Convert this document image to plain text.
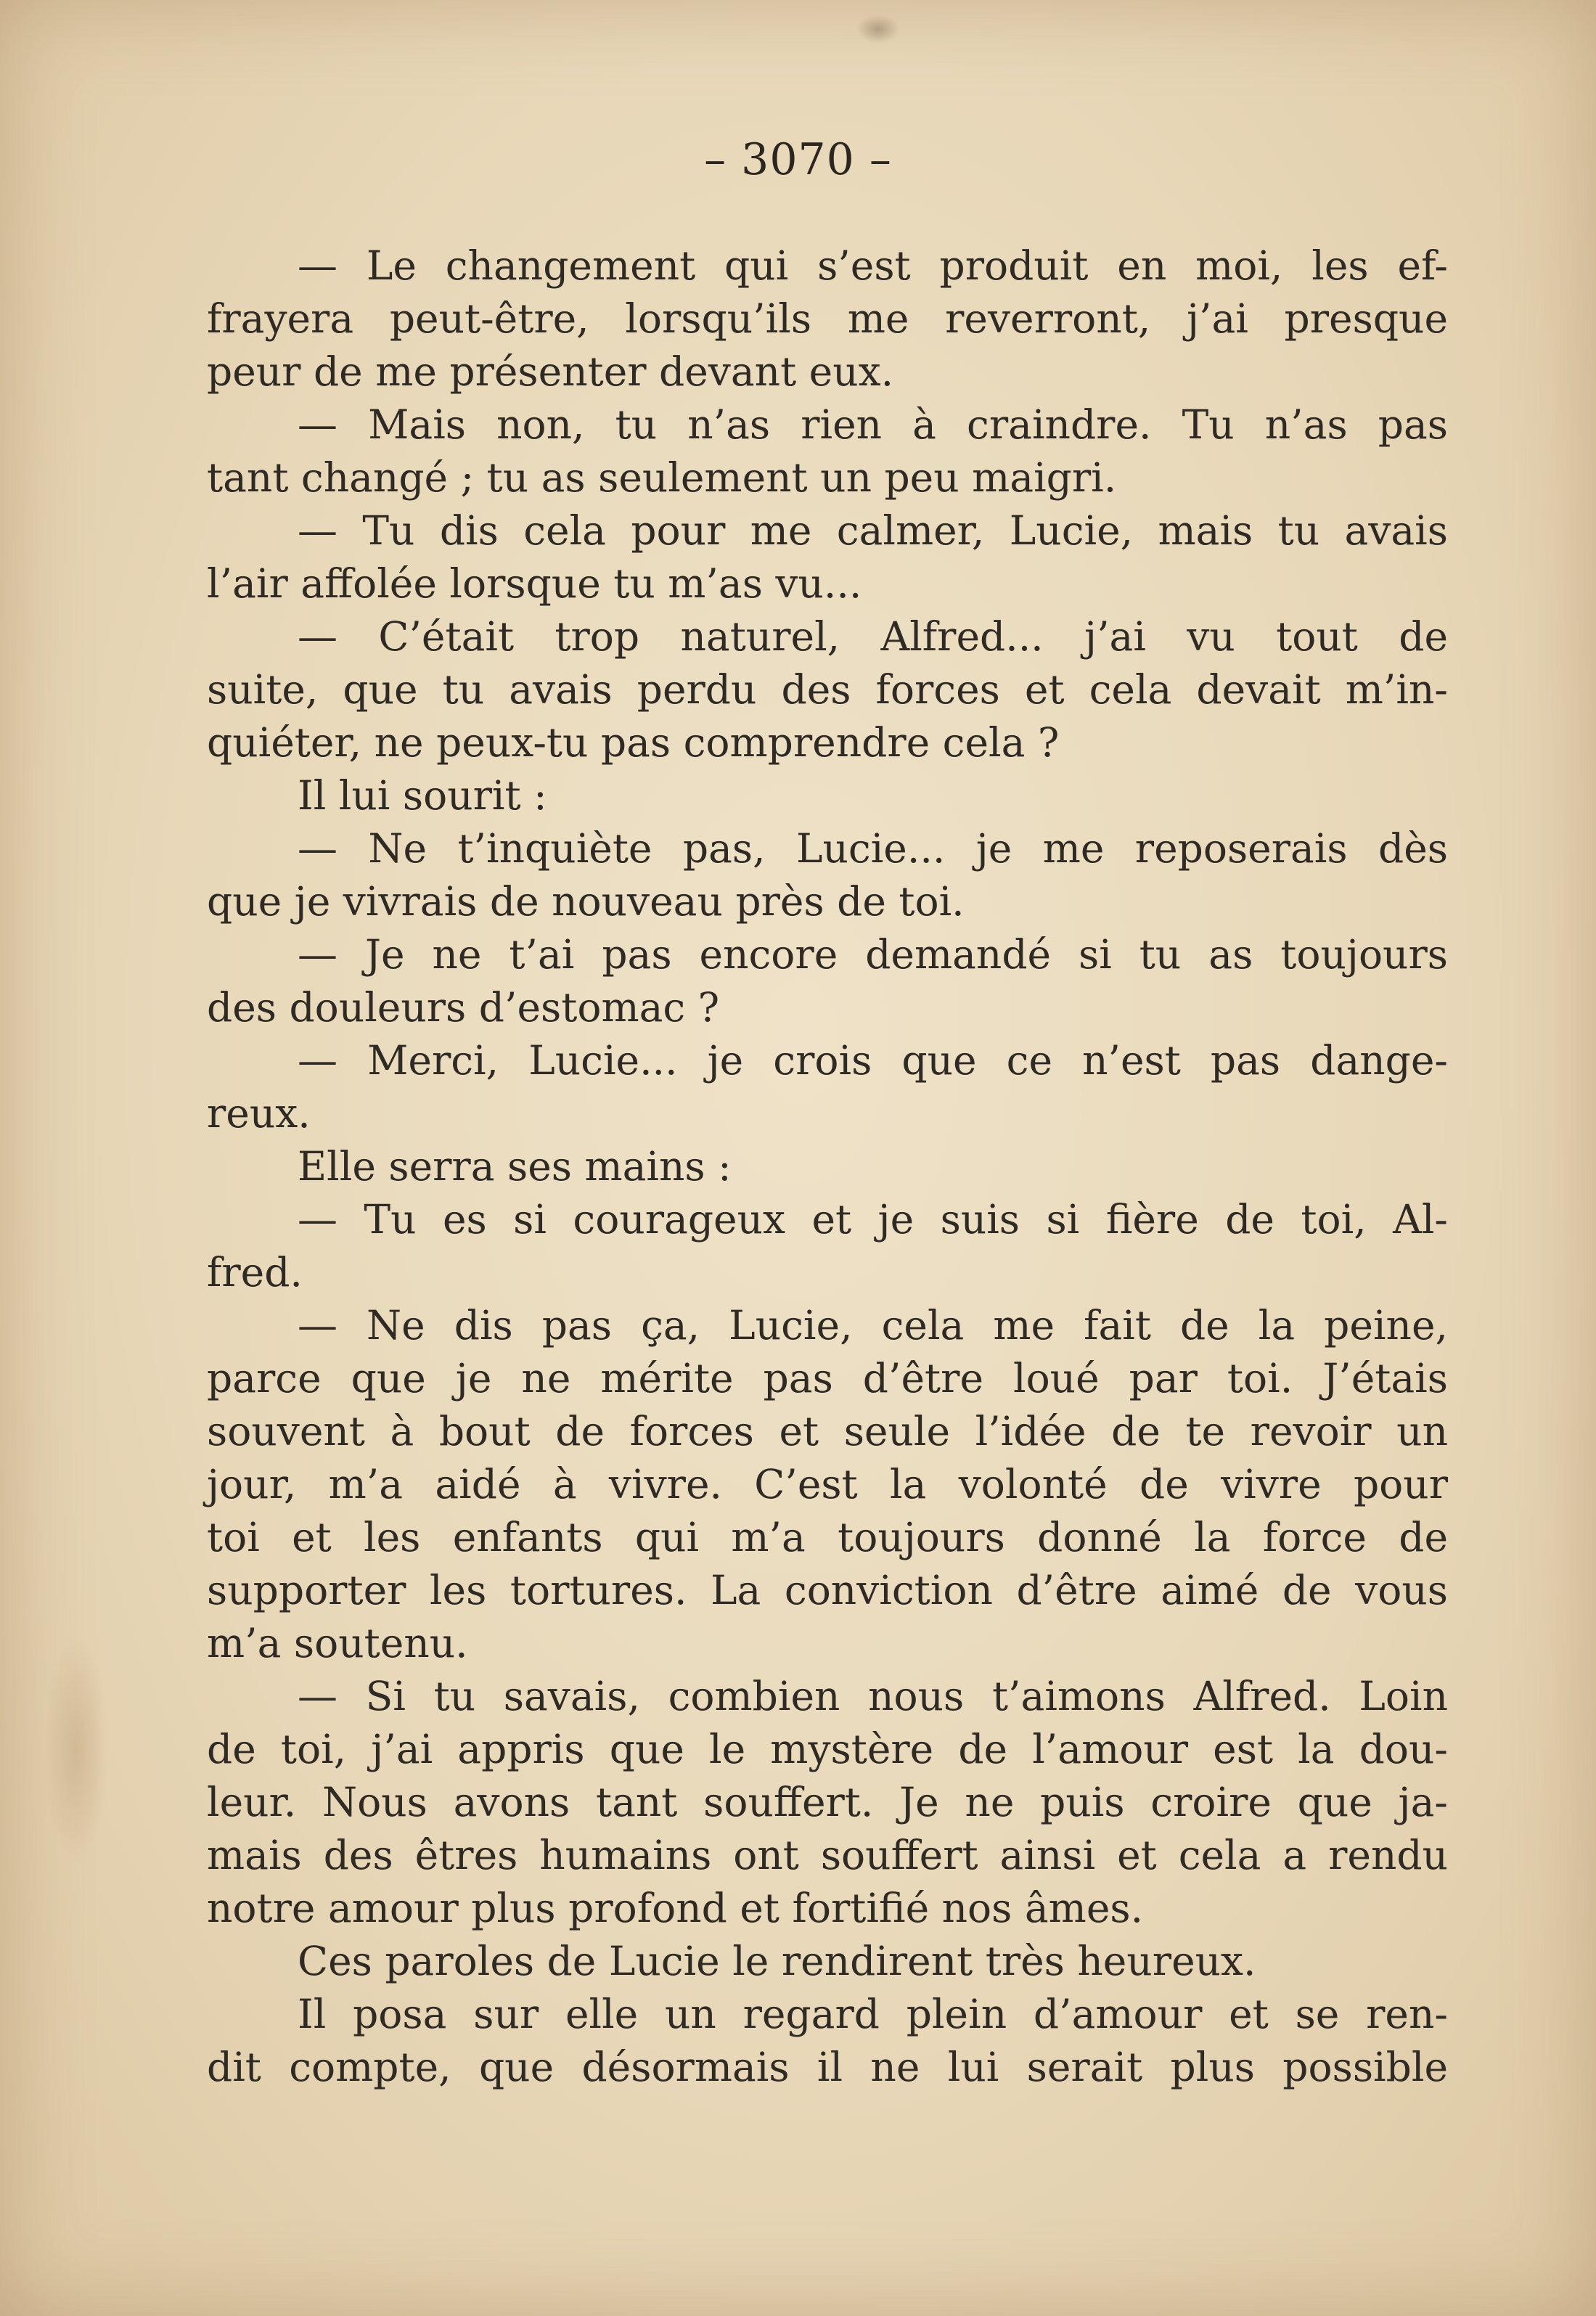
– 3070 –
— Le changement qui s’est produit en moi, les ef-
frayera peut-être, lorsqu’ils me reverront, j’ai presque
peur de me présenter devant eux.
— Mais non, tu n’as rien à craindre. Tu n’as pas
tant changé ; tu as seulement un peu maigri.
— Tu dis cela pour me calmer, Lucie, mais tu avais
l’air affolée lorsque tu m’as vu...
— C’était trop naturel, Alfred... j’ai vu tout de
suite, que tu avais perdu des forces et cela devait m’in-
quiéter, ne peux-tu pas comprendre cela ?
Il lui sourit :
— Ne t’inquiète pas, Lucie... je me reposerais dès
que je vivrais de nouveau près de toi.
— Je ne t’ai pas encore demandé si tu as toujours
des douleurs d’estomac ?
— Merci, Lucie... je crois que ce n’est pas dange-
reux.
Elle serra ses mains :
— Tu es si courageux et je suis si fière de toi, Al-
fred.
— Ne dis pas ça, Lucie, cela me fait de la peine,
parce que je ne mérite pas d’être loué par toi. J’étais
souvent à bout de forces et seule l’idée de te revoir un
jour, m’a aidé à vivre. C’est la volonté de vivre pour
toi et les enfants qui m’a toujours donné la force de
supporter les tortures. La conviction d’être aimé de vous
m’a soutenu.
— Si tu savais, combien nous t’aimons Alfred. Loin
de toi, j’ai appris que le mystère de l’amour est la dou-
leur. Nous avons tant souffert. Je ne puis croire que ja-
mais des êtres humains ont souffert ainsi et cela a rendu
notre amour plus profond et fortifié nos âmes.
Ces paroles de Lucie le rendirent très heureux.
Il posa sur elle un regard plein d’amour et se ren-
dit compte, que désormais il ne lui serait plus possible
